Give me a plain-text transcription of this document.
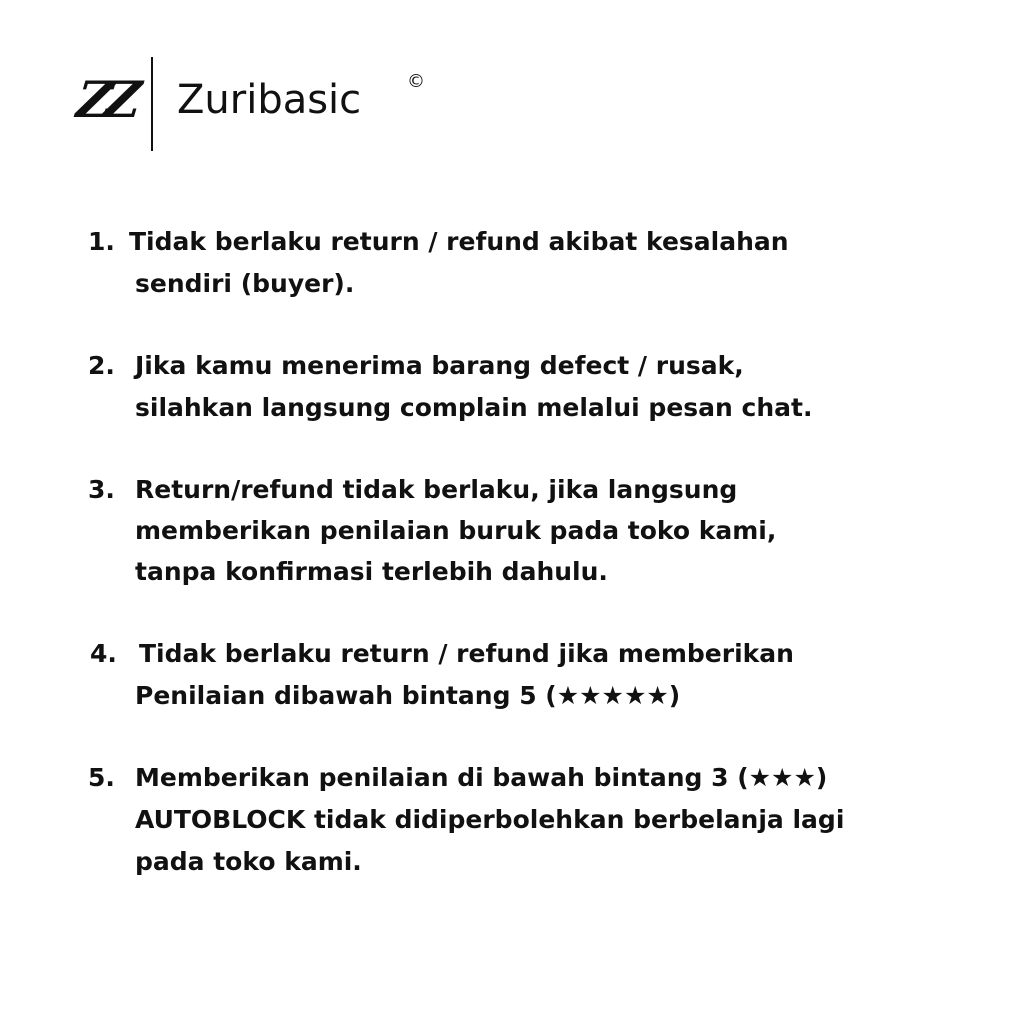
ZZ Zuribasic	©
1. Tidak berlaku return / refund akibat kesalahan
sendiri (buyer).
2. Jika kamu menerima barang defect / rusak,
silahkan langsung complain melalui pesan chat.
3. Return/refund tidak berlaku, jika langsung
memberikan penilaian buruk pada toko kami,
tanpa konfirmasi terlebih dahulu.
4. Tidak berlaku return / refund jika memberikan
Penilaian dibawah bintang 5 (★★★★★)
5. Memberikan penilaian di bawah bintang 3 (★★★)
AUTOBLOCK tidak didiperbolehkan berbelanja lagi
pada toko kami.
